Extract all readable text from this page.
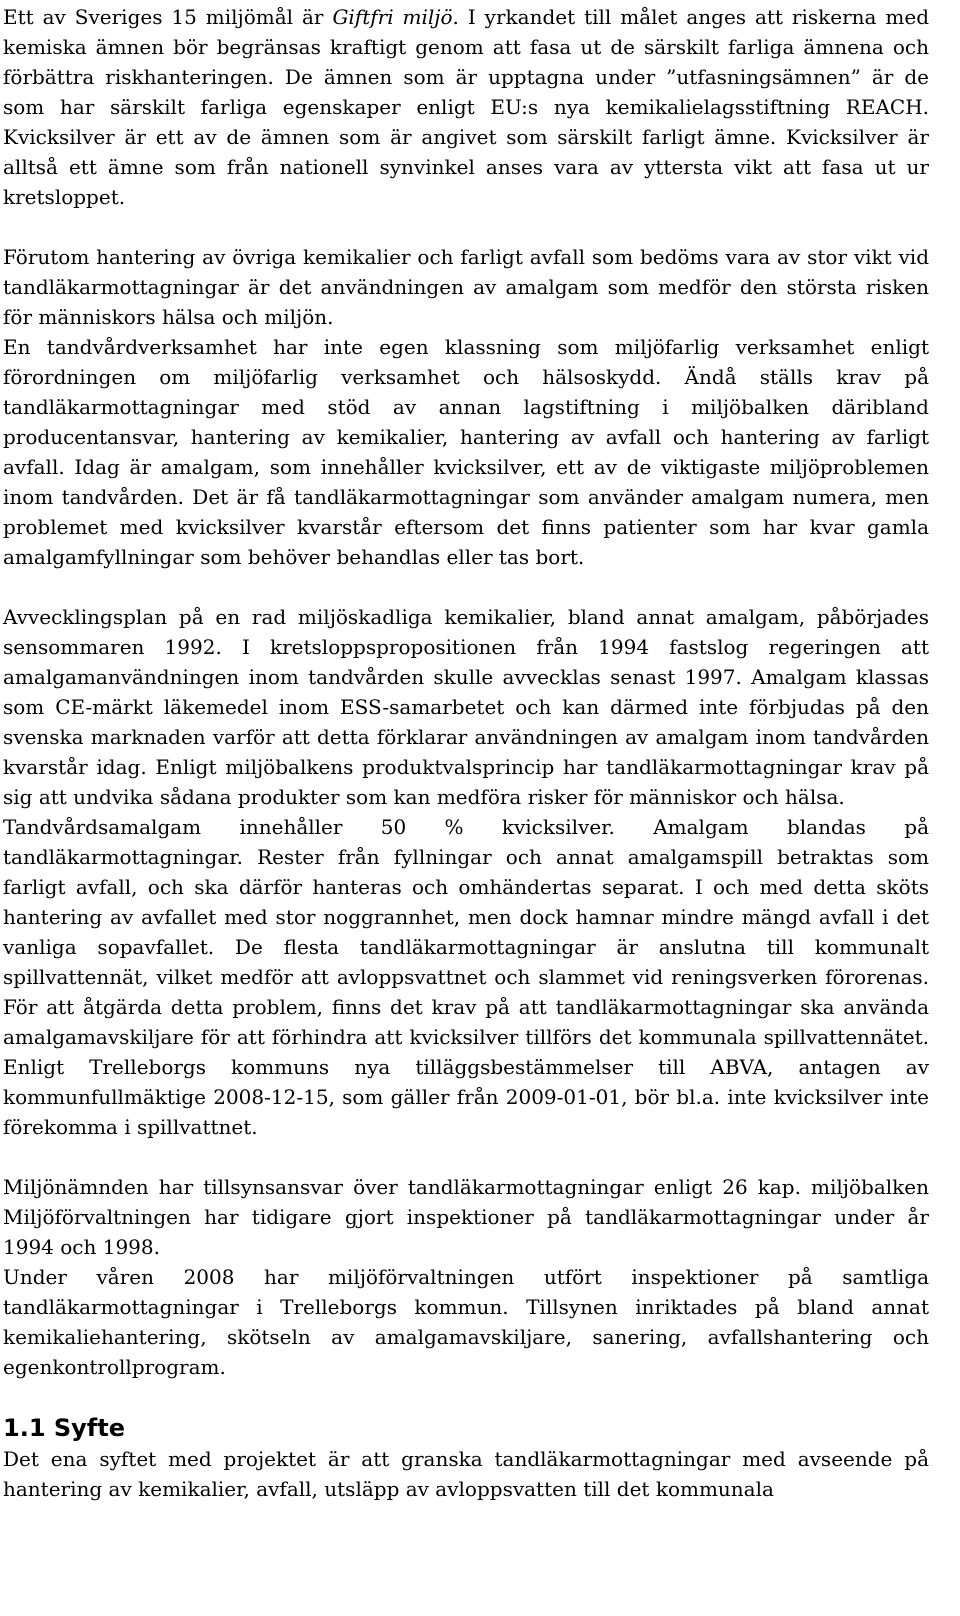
Ett av Sveriges 15 miljömål är Giftfri miljö. I yrkandet till målet anges att riskerna med kemiska ämnen bör begränsas kraftigt genom att fasa ut de särskilt farliga ämnena och förbättra riskhanteringen. De ämnen som är upptagna under ”utfasningsämnen” är de som har särskilt farliga egenskaper enligt EU:s nya kemikalielagsstiftning REACH. Kvicksilver är ett av de ämnen som är angivet som särskilt farligt ämne. Kvicksilver är alltså ett ämne som från nationell synvinkel anses vara av yttersta vikt att fasa ut ur kretsloppet.

Förutom hantering av övriga kemikalier och farligt avfall som bedöms vara av stor vikt vid tandläkarmottagningar är det användningen av amalgam som medför den största risken för människors hälsa och miljön.

En tandvårdverksamhet har inte egen klassning som miljöfarlig verksamhet enligt förordningen om miljöfarlig verksamhet och hälsoskydd. Ändå ställs krav på tandläkarmottagningar med stöd av annan lagstiftning i miljöbalken däribland producentansvar, hantering av kemikalier, hantering av avfall och hantering av farligt avfall. Idag är amalgam, som innehåller kvicksilver, ett av de viktigaste miljöproblemen inom tandvården. Det är få tandläkarmottagningar som använder amalgam numera, men problemet med kvicksilver kvarstår eftersom det finns patienter som har kvar gamla amalgamfyllningar som behöver behandlas eller tas bort.

Avvecklingsplan på en rad miljöskadliga kemikalier, bland annat amalgam, påbörjades sensommaren 1992. I kretsloppspropositionen från 1994 fastslog regeringen att amalgamanvändningen inom tandvården skulle avvecklas senast 1997. Amalgam klassas som CE-märkt läkemedel inom ESS-samarbetet och kan därmed inte förbjudas på den svenska marknaden varför att detta förklarar användningen av amalgam inom tandvården kvarstår idag. Enligt miljöbalkens produktvalsprincip har tandläkarmottagningar krav på sig att undvika sådana produkter som kan medföra risker för människor och hälsa.

Tandvårdsamalgam innehåller 50 % kvicksilver. Amalgam blandas på tandläkarmottagningar. Rester från fyllningar och annat amalgamspill betraktas som farligt avfall, och ska därför hanteras och omhändertas separat. I och med detta sköts hantering av avfallet med stor noggrannhet, men dock hamnar mindre mängd avfall i det vanliga sopavfallet. De flesta tandläkarmottagningar är anslutna till kommunalt spillvattennät, vilket medför att avloppsvattnet och slammet vid reningsverken förorenas. För att åtgärda detta problem, finns det krav på att tandläkarmottagningar ska använda amalgamavskiljare för att förhindra att kvicksilver tillförs det kommunala spillvattennätet. Enligt Trelleborgs kommuns nya tilläggsbestämmelser till ABVA, antagen av kommunfullmäktige 2008-12-15, som gäller från 2009-01-01, bör bl.a. inte kvicksilver inte förekomma i spillvattnet.

Miljönämnden har tillsynsansvar över tandläkarmottagningar enligt 26 kap. miljöbalken Miljöförvaltningen har tidigare gjort inspektioner på tandläkarmottagningar under år 1994 och 1998.

Under våren 2008 har miljöförvaltningen utfört inspektioner på samtliga tandläkarmottagningar i Trelleborgs kommun. Tillsynen inriktades på bland annat kemikaliehantering, skötseln av amalgamavskiljare, sanering, avfallshantering och egenkontrollprogram.

1.1 Syfte

Det ena syftet med projektet är att granska tandläkarmottagningar med avseende på hantering av kemikalier, avfall, utsläpp av avloppsvatten till det kommunala
